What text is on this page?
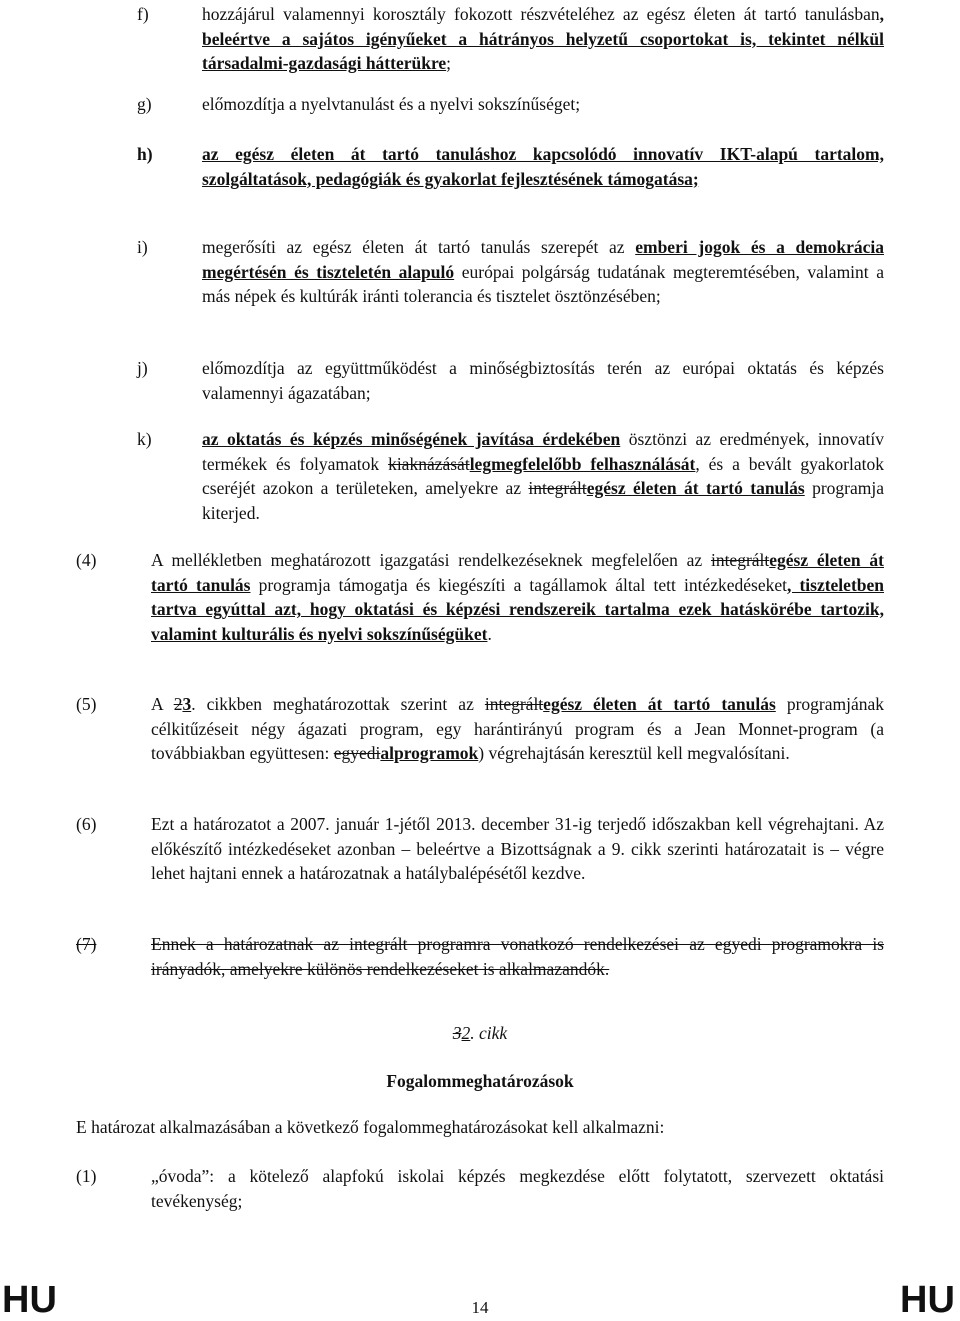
f)	hozzájárul valamennyi korosztály fokozott részvételéhez az egész életen át tartó tanulásban, beleértve a sajátos igényűeket a hátrányos helyzetű csoportokat is, tekintet nélkül társadalmi-gazdasági hátterükre;
g)	előmozdítja a nyelvtanulást és a nyelvi sokszínűséget;
h)	az egész életen át tartó tanuláshoz kapcsolódó innovatív IKT-alapú tartalom, szolgáltatások, pedagógiák és gyakorlat fejlesztésének támogatása;
i)	megerősíti az egész életen át tartó tanulás szerepét az emberi jogok és a demokrácia megértésén és tiszteletén alapuló európai polgárság tudatának megteremtésében, valamint a más népek és kultúrák iránti tolerancia és tisztelet ösztönzésében;
j)	előmozdítja az együttműködést a minőségbiztosítás terén az európai oktatás és képzés valamennyi ágazatában;
k)	az oktatás és képzés minőségének javítása érdekében ösztönzi az eredmények, innovatív termékek és folyamatok kiaknázásátlegmegfelelőbb felhasználását, és a bevált gyakorlatok cseréjét azokon a területeken, amelyekre az integráltegész életen át tartó tanulás programja kiterjed.
(4)	A mellékletben meghatározott igazgatási rendelkezéseknek megfelelően az integráltegész életen át tartó tanulás programja támogatja és kiegészíti a tagállamok által tett intézkedéseket, tiszteletben tartva egyúttal azt, hogy oktatási és képzési rendszereik tartalma ezek hatáskörébe tartozik, valamint kulturális és nyelvi sokszínűségüket.
(5)	A 23. cikkben meghatározottak szerint az integráltegész életen át tartó tanulás programjának célkitűzéseit négy ágazati program, egy harántirányú program és a Jean Monnet-program (a továbbiakban együttesen: egyedialprogramok) végrehajtásán keresztül kell megvalósítani.
(6)	Ezt a határozatot a 2007. január 1-jétől 2013. december 31-ig terjedő időszakban kell végrehajtani. Az előkészítő intézkedéseket azonban – beleértve a Bizottságnak a 9. cikk szerinti határozatait is – végre lehet hajtani ennek a határozatnak a hatálybalépésétől kezdve.
(7)	Ennek a határozatnak az integrált programra vonatkozó rendelkezései az egyedi programokra is irányadók, amelyekre különös rendelkezéseket is alkalmazandók.
32. cikk
Fogalommeghatározások
E határozat alkalmazásában a következő fogalommeghatározásokat kell alkalmazni:
(1)	„óvoda”: a kötelező alapfokú iskolai képzés megkezdése előtt folytatott, szervezett oktatási tevékenység;
HU	14	HU
